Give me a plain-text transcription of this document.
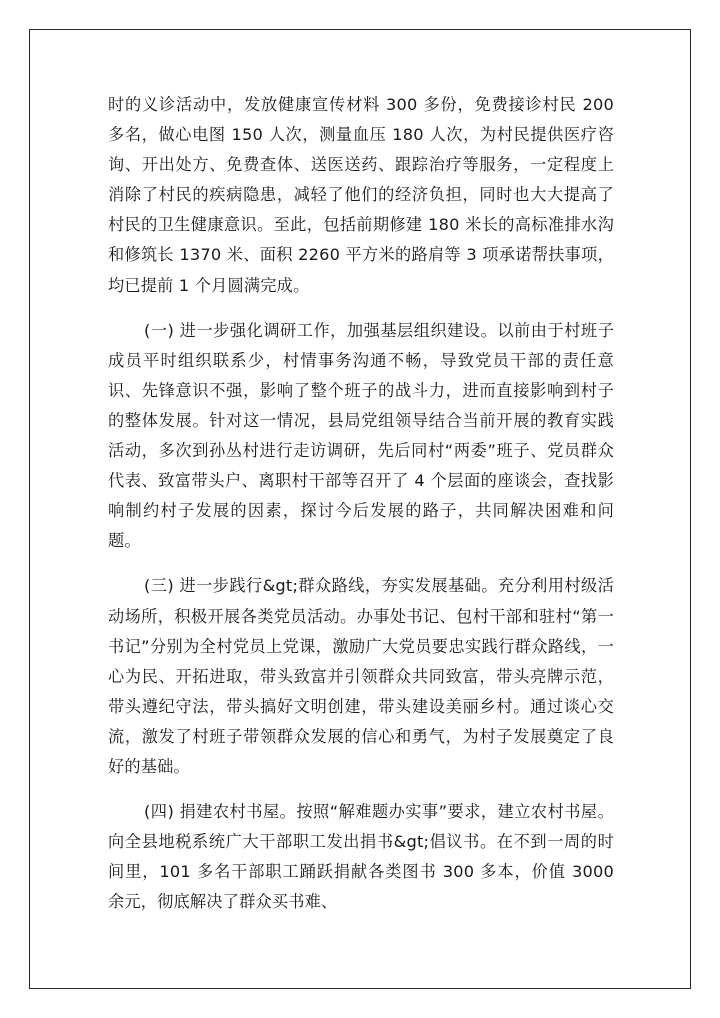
时的义诊活动中，发放健康宣传材料 300 多份，免费接诊村民 200 多名，做心电图 150 人次，测量血压 180 人次，为村民提供医疗咨询、开出处方、免费查体、送医送药、跟踪治疗等服务，一定程度上消除了村民的疾病隐患，减轻了他们的经济负担，同时也大大提高了村民的卫生健康意识。至此，包括前期修建 180 米长的高标准排水沟和修筑长 1370 米、面积 2260 平方米的路肩等 3 项承诺帮扶事项，均已提前 1 个月圆满完成。

(一) 进一步强化调研工作，加强基层组织建设。以前由于村班子成员平时组织联系少，村情事务沟通不畅，导致党员干部的责任意识、先锋意识不强，影响了整个班子的战斗力，进而直接影响到村子的整体发展。针对这一情况，县局党组领导结合当前开展的教育实践活动，多次到孙丛村进行走访调研，先后同村“两委”班子、党员群众代表、致富带头户、离职村干部等召开了 4 个层面的座谈会，查找影响制约村子发展的因素，探讨今后发展的路子，共同解决困难和问题。

(三) 进一步践行&gt;群众路线，夯实发展基础。充分利用村级活动场所，积极开展各类党员活动。办事处书记、包村干部和驻村“第一书记”分别为全村党员上党课，激励广大党员要忠实践行群众路线，一心为民、开拓进取，带头致富并引领群众共同致富，带头亮牌示范，带头遵纪守法，带头搞好文明创建，带头建设美丽乡村。通过谈心交流，激发了村班子带领群众发展的信心和勇气，为村子发展奠定了良好的基础。

(四) 捐建农村书屋。按照“解难题办实事”要求，建立农村书屋。向全县地税系统广大干部职工发出捐书&gt;倡议书。在不到一周的时间里，101 多名干部职工踊跃捐献各类图书 300 多本，价值 3000 余元，彻底解决了群众买书难、
